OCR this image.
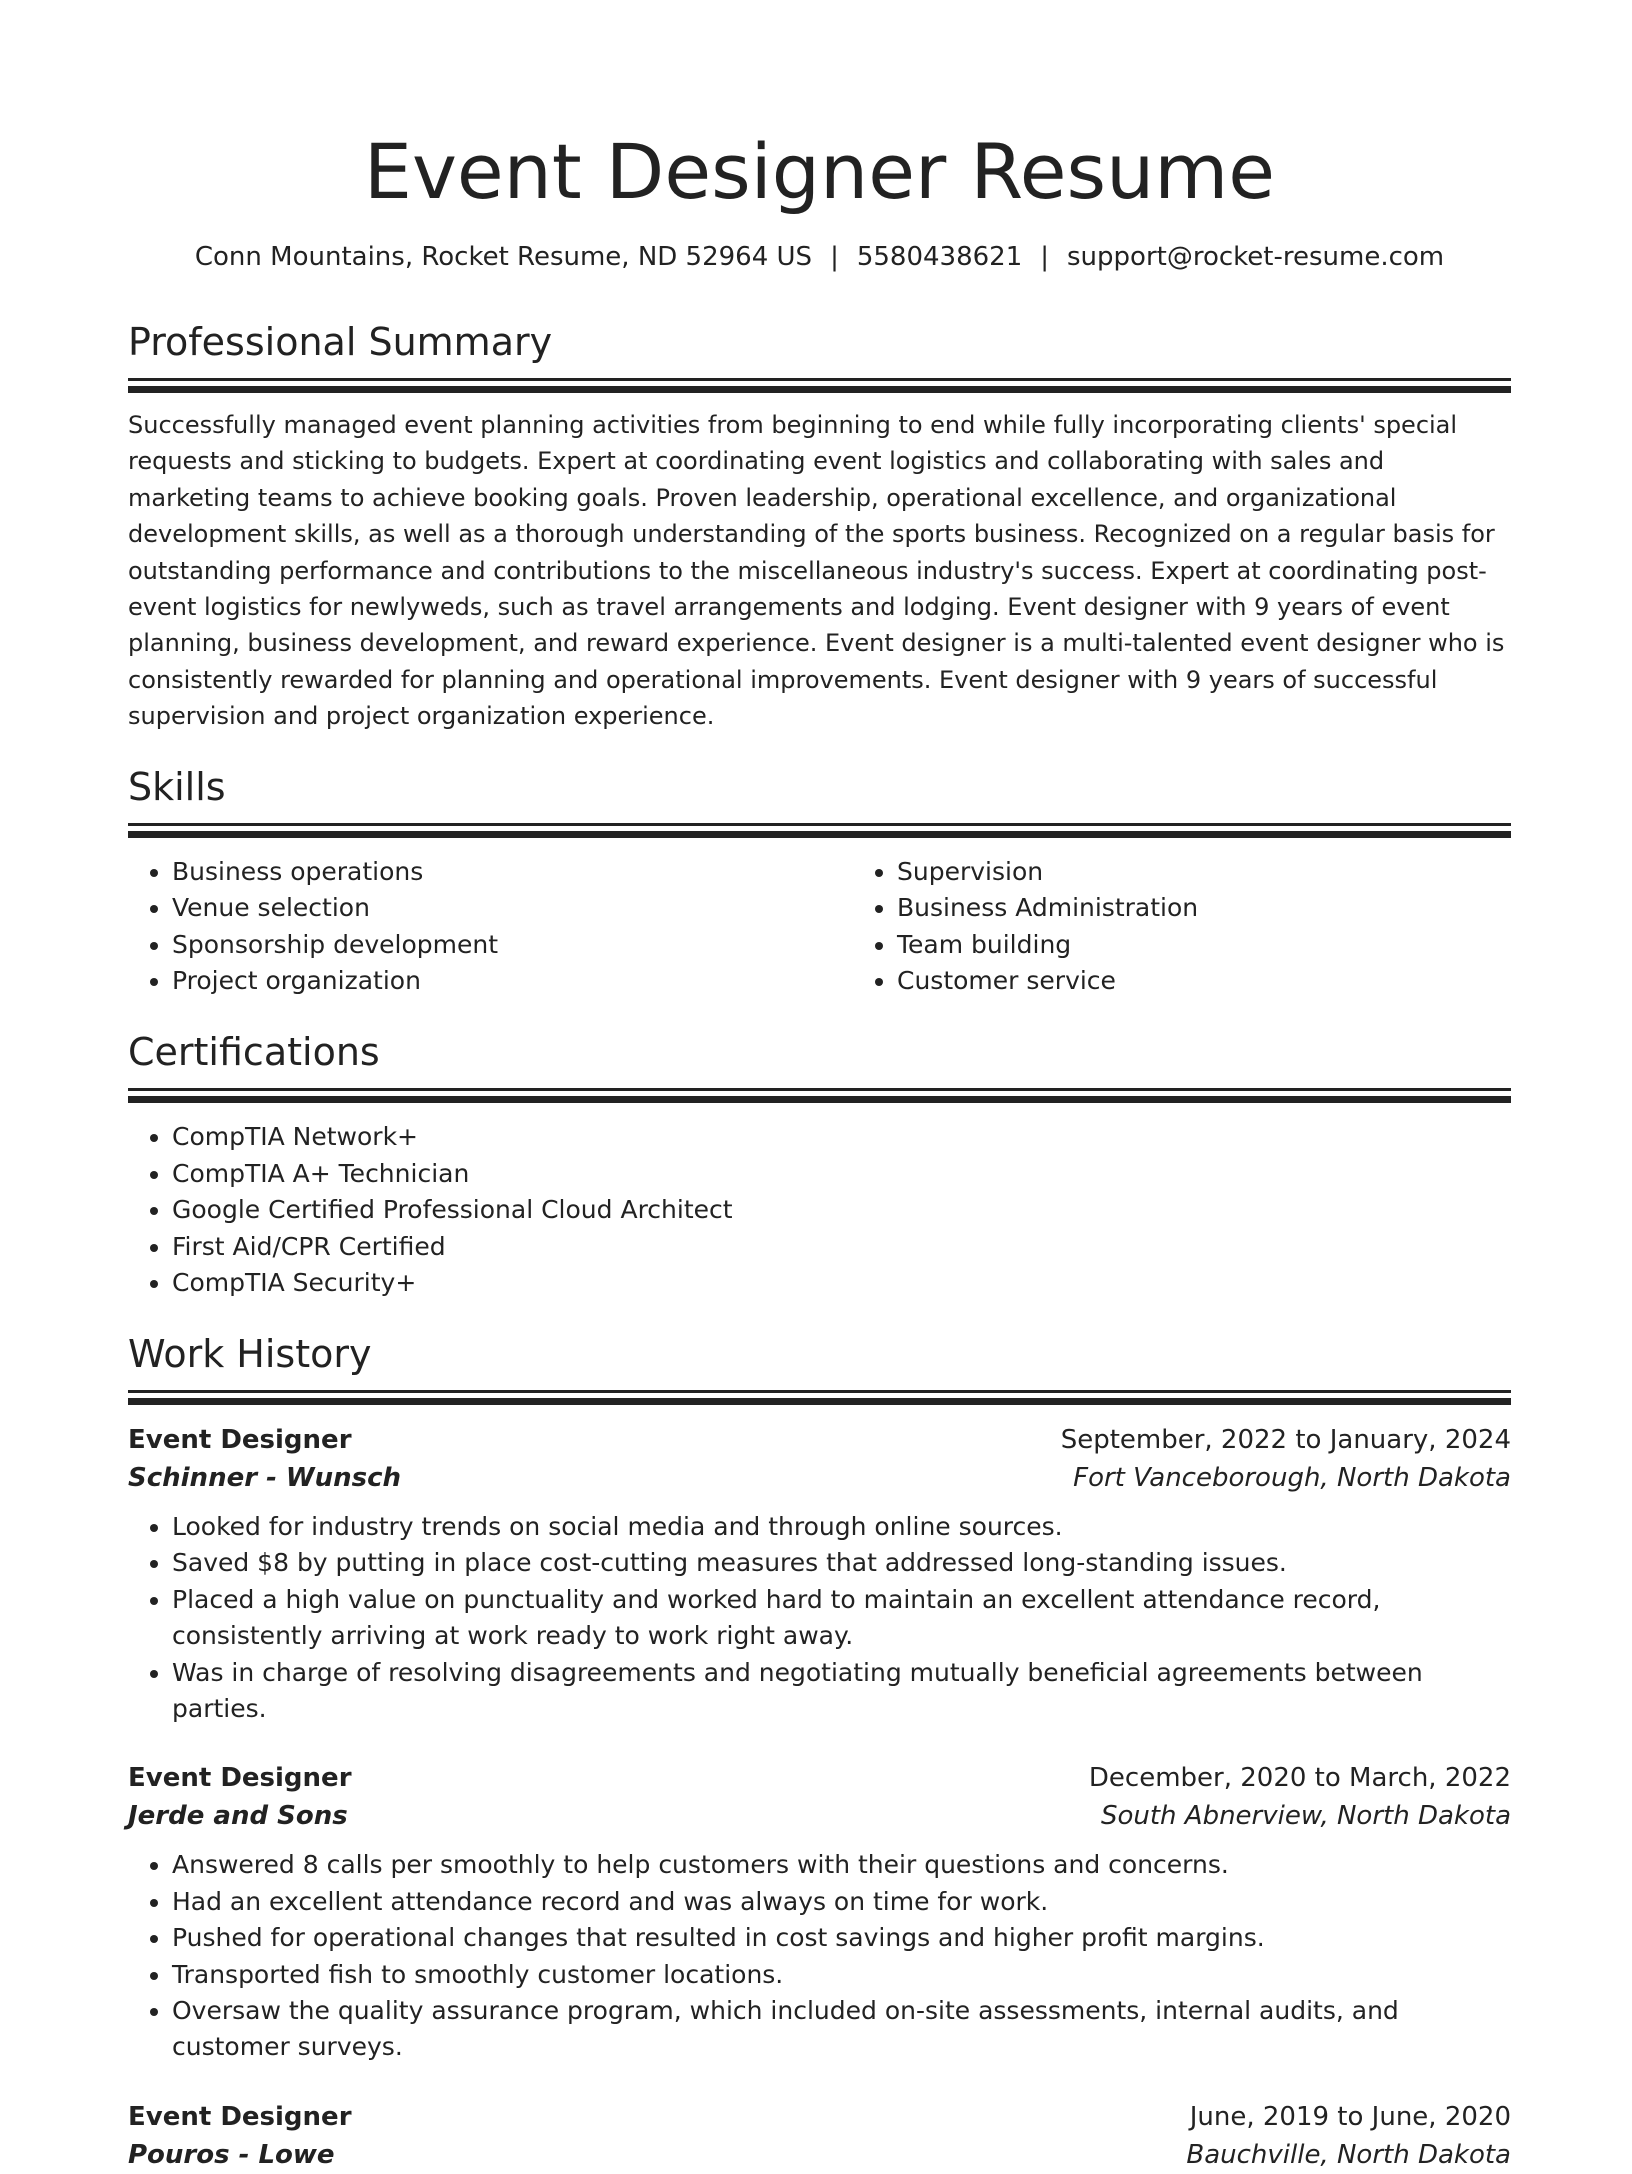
Event Designer Resume
Conn Mountains, Rocket Resume, ND 52964 US | 5580438621 | support@rocket-resume.com
Professional Summary
Successfully managed event planning activities from beginning to end while fully incorporating clients' special requests and sticking to budgets. Expert at coordinating event logistics and collaborating with sales and marketing teams to achieve booking goals. Proven leadership, operational excellence, and organizational development skills, as well as a thorough understanding of the sports business. Recognized on a regular basis for outstanding performance and contributions to the miscellaneous industry's success. Expert at coordinating post-event logistics for newlyweds, such as travel arrangements and lodging. Event designer with 9 years of event planning, business development, and reward experience. Event designer is a multi-talented event designer who is consistently rewarded for planning and operational improvements. Event designer with 9 years of successful supervision and project organization experience.
Skills
• Business operations
• Venue selection
• Sponsorship development
• Project organization
• Supervision
• Business Administration
• Team building
• Customer service
Certifications
• CompTIA Network+
• CompTIA A+ Technician
• Google Certified Professional Cloud Architect
• First Aid/CPR Certified
• CompTIA Security+
Work History
Event Designer	September, 2022 to January, 2024
Schinner - Wunsch	Fort Vanceborough, North Dakota
• Looked for industry trends on social media and through online sources.
• Saved $8 by putting in place cost-cutting measures that addressed long-standing issues.
• Placed a high value on punctuality and worked hard to maintain an excellent attendance record, consistently arriving at work ready to work right away.
• Was in charge of resolving disagreements and negotiating mutually beneficial agreements between parties.
Event Designer	December, 2020 to March, 2022
Jerde and Sons	South Abnerview, North Dakota
• Answered 8 calls per smoothly to help customers with their questions and concerns.
• Had an excellent attendance record and was always on time for work.
• Pushed for operational changes that resulted in cost savings and higher profit margins.
• Transported fish to smoothly customer locations.
• Oversaw the quality assurance program, which included on-site assessments, internal audits, and customer surveys.
Event Designer	June, 2019 to June, 2020
Pouros - Lowe	Bauchville, North Dakota
